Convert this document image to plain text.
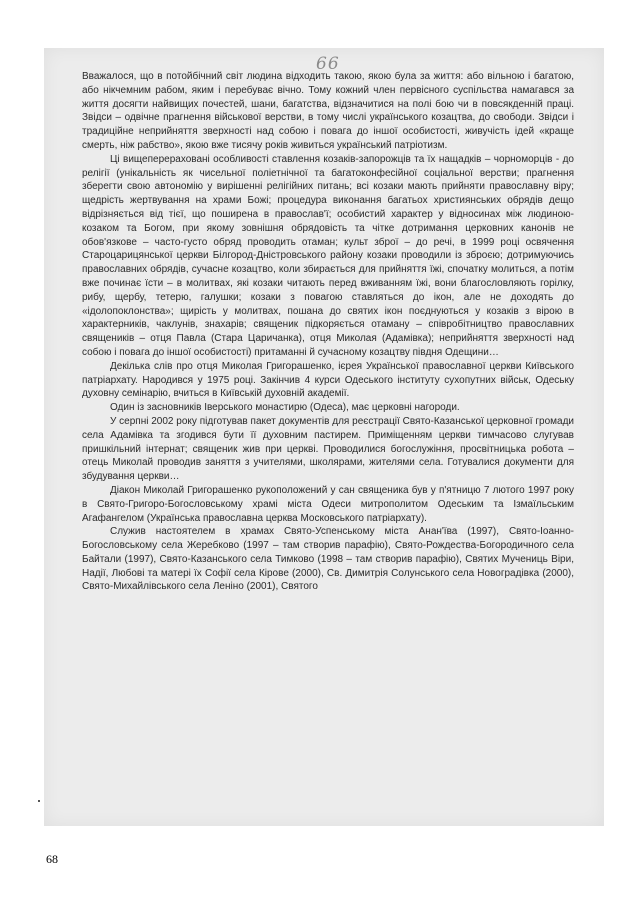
66

Вважалося, що в потойбічний світ людина відходить такою, якою була за життя: або вільною і багатою, або нікчемним рабом, яким і перебуває вічно. Тому кожний член первісного суспільства намагався за життя досягти найвищих почестей, шани, багатства, відзначитися на полі бою чи в повсякденній праці. Звідси – одвічне прагнення військової верстви, в тому числі українського козацтва, до свободи. Звідси і традиційне неприйняття зверхності над собою і повага до іншої особистості, живучість ідей «краще смерть, ніж рабство», якою вже тисячу років живиться український патріотизм.

Ці вищеперераховані особливості ставлення козаків-запорожців та їх нащадків – чорноморців - до релігії (унікальність як чисельної поліетнічної та багатоконфесійної соціальної верстви; прагнення зберегти свою автономію у вирішенні релігійних питань; всі козаки мають прийняти православну віру; щедрість жертвування на храми Божі; процедура виконання багатьох християнських обрядів дещо відрізняється від тієї, що поширена в православ'ї; особистий характер у відносинах між людиною-козаком та Богом, при якому зовнішня обрядовість та чітке дотримання церковних канонів не обов'язкове – часто-густо обряд проводить отаман; культ зброї – до речі, в 1999 році освячення Староцарицянської церкви Білгород-Дністровського району козаки проводили із зброєю; дотримуючись православних обрядів, сучасне козацтво, коли збирається для прийняття їжі, спочатку молиться, а потім вже починає їсти – в молитвах, які козаки читають перед вживанням їжі, вони благословляють горілку, рибу, щербу, тетерю, галушки; козаки з повагою ставляться до ікон, але не доходять до «ідолопоклонства»; щирість у молитвах, пошана до святих ікон поєднуються у козаків з вірою в характерників, чаклунів, знахарів; священик підкоряється отаману – співробітництво православних священиків – отця Павла (Стара Царичанка), отця Миколая (Адамівка); неприйняття зверхності над собою і повага до іншої особистості) притаманні й сучасному козацтву півдня Одещини…

Декілька слів про отця Миколая Григорашенко, ієрея Української православної церкви Київського патріархату. Народився у 1975 році. Закінчив 4 курси Одеського інституту сухопутних військ, Одеську духовну семінарію, вчиться в Київській духовній академії.

Один із засновників Іверського монастирю (Одеса), має церковні нагороди.

У серпні 2002 року підготував пакет документів для реєстрації Свято-Казанської церковної громади села Адамівка та згодився бути її духовним пастирем. Приміщенням церкви тимчасово слугував пришкільний інтернат; священик жив при церкві. Проводилися богослужіння, просвітницька робота – отець Миколай проводив заняття з учителями, школярами, жителями села. Готувалися документи для збудування церкви…

Діакон Миколай Григорашенко рукоположений у сан священика був у п'ятницю 7 лютого 1997 року в Свято-Григоро-Богословському храмі міста Одеси митрополитом Одеським та Ізмаїльським Агафангелом (Українська православна церква Московського патріархату).

Служив настоятелем в храмах Свято-Успенському міста Анан'їва (1997), Свято-Іоанно-Богословському села Жеребково (1997 – там створив парафію), Свято-Рождества-Богородичного села Байтали (1997), Свято-Казанського села Тимково (1998 – там створив парафію), Святих Мучениць Віри, Надії, Любові та матері їх Софії села Кірове (2000), Св. Димитрія Солунського села Новоградівка (2000), Свято-Михайлівського села Леніно (2001), Святого

68
